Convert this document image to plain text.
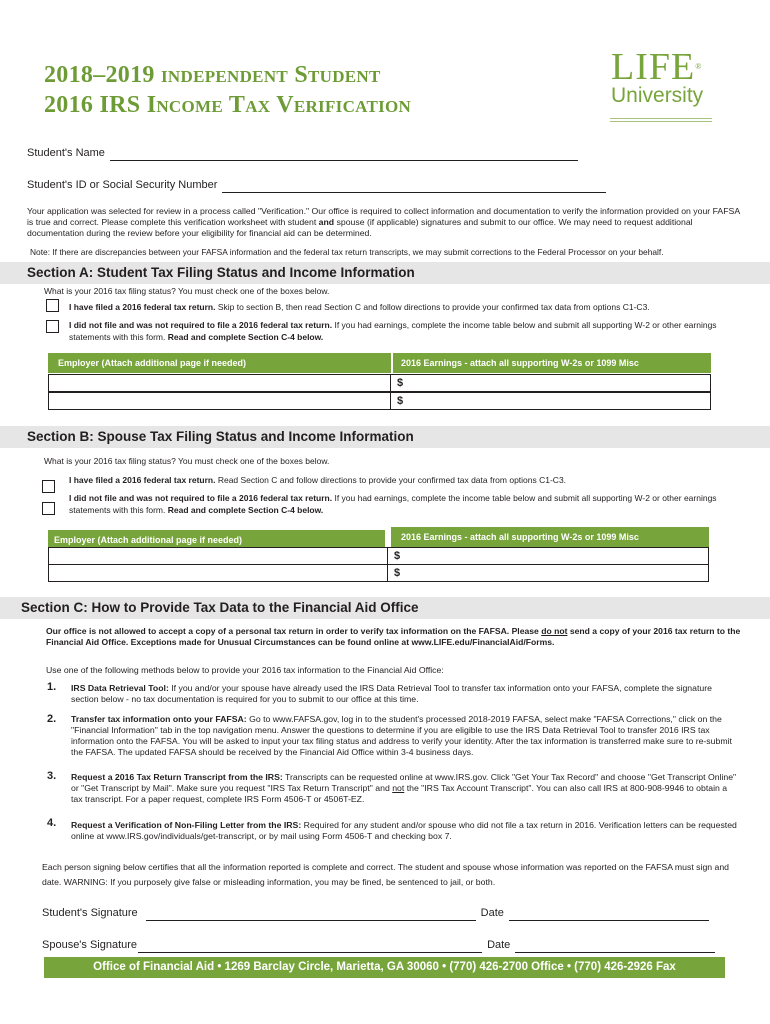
2018–2019 independent Student
2016 IRS Income Tax Verification
LIFE®
University
Student's Name
Student's ID or Social Security Number
Your application was selected for review in a process called "Verification." Our office is required to collect information and documentation to verify the information provided on your FAFSA is true and correct. Please complete this verification worksheet with student and spouse (if applicable) signatures and submit to our office. We may need to request additional documentation during the review before your eligibility for financial aid can be determined.
Note: If there are discrepancies between your FAFSA information and the federal tax return transcripts, we may submit corrections to the Federal Processor on your behalf.
Section A: Student Tax Filing Status and Income Information
What is your 2016 tax filing status? You must check one of the boxes below.
I have filed a 2016 federal tax return. Skip to section B, then read Section C and follow directions to provide your confirmed tax data from options C1-C3.
I did not file and was not required to file a 2016 federal tax return. If you had earnings, complete the income table below and submit all supporting W-2 or other earnings statements with this form. Read and complete Section C-4 below.
Employer (Attach additional page if needed)	2016 Earnings - attach all supporting W-2s or 1099 Misc
$
$
Section B: Spouse Tax Filing Status and Income Information
What is your 2016 tax filing status? You must check one of the boxes below.
I have filed a 2016 federal tax return. Read Section C and follow directions to provide your confirmed tax data from options C1-C3.
I did not file and was not required to file a 2016 federal tax return. If you had earnings, complete the income table below and submit all supporting W-2 or other earnings statements with this form. Read and complete Section C-4 below.
Employer (Attach additional page if needed)	2016 Earnings - attach all supporting W-2s or 1099 Misc
$
$
Section C: How to Provide Tax Data to the Financial Aid Office
Our office is not allowed to accept a copy of a personal tax return in order to verify tax information on the FAFSA. Please do not send a copy of your 2016 tax return to the Financial Aid Office. Exceptions made for Unusual Circumstances can be found online at www.LIFE.edu/FinancialAid/Forms.
Use one of the following methods below to provide your 2016 tax information to the Financial Aid Office:
1. IRS Data Retrieval Tool: If you and/or your spouse have already used the IRS Data Retrieval Tool to transfer tax information onto your FAFSA, complete the signature section below - no tax documentation is required for you to submit to our office at this time.
2. Transfer tax information onto your FAFSA: Go to www.FAFSA.gov, log in to the student's processed 2018-2019 FAFSA, select make "FAFSA Corrections," click on the "Financial Information" tab in the top navigation menu. Answer the questions to determine if you are eligible to use the IRS Data Retrieval Tool to transfer 2016 IRS tax information onto the FAFSA. You will be asked to input your tax filing status and address to verify your identity. After the tax information is transferred make sure to re-submit the FAFSA. The updated FAFSA should be received by the Financial Aid Office within 3-4 business days.
3. Request a 2016 Tax Return Transcript from the IRS: Transcripts can be requested online at www.IRS.gov. Click "Get Your Tax Record" and choose "Get Transcript Online" or "Get Transcript by Mail". Make sure you request "IRS Tax Return Transcript" and not the "IRS Tax Account Transcript". You can also call IRS at 800-908-9946 to obtain a tax transcript. For a paper request, complete IRS Form 4506-T or 4506T-EZ.
4. Request a Verification of Non-Filing Letter from the IRS: Required for any student and/or spouse who did not file a tax return in 2016. Verification letters can be requested online at www.IRS.gov/individuals/get-transcript, or by mail using Form 4506-T and checking box 7.
Each person signing below certifies that all the information reported is complete and correct. The student and spouse whose information was reported on the FAFSA must sign and date. WARNING: If you purposely give false or misleading information, you may be fined, be sentenced to jail, or both.
Student's Signature	Date
Spouse's Signature	Date
Office of Financial Aid • 1269 Barclay Circle, Marietta, GA 30060 • (770) 426-2700 Office • (770) 426-2926 Fax
